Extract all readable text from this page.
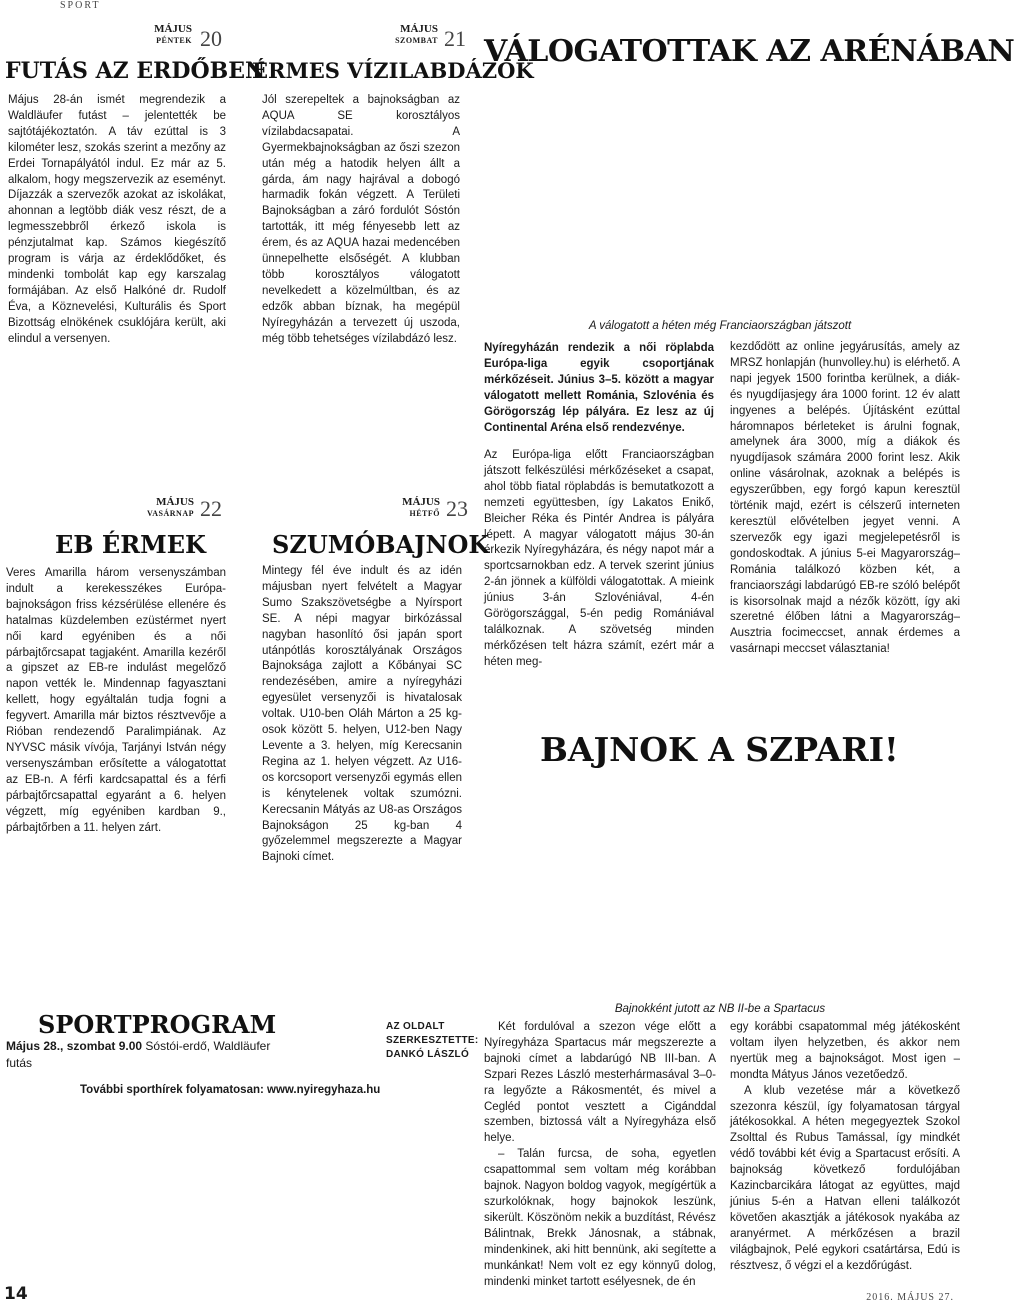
SPORT
MÁJUS
PÉNTEK 20
FUTÁS AZ ERDŐBEN
Május 28-án ismét megrendezik a Waldläufer futást – jelentették be sajtótájékoztatón. A táv ezúttal is 3 kilométer lesz, szokás szerint a mezőny az Erdei Tornapályától indul. Ez már az 5. alkalom, hogy megszervezik az eseményt. Díjazzák a szervezők azokat az iskolákat, ahonnan a legtöbb diák vesz részt, de a legmesszebbről érkező iskola is pénzjutalmat kap. Számos kiegészítő program is várja az érdeklődőket, és mindenki tombolát kap egy karszalag formájában. Az első Halkóné dr. Rudolf Éva, a Köznevelési, Kulturális és Sport Bizottság elnökének csuklójára került, aki elindul a versenyen.
MÁJUS
SZOMBAT 21
ÉRMES VÍZILABDÁZÓK
Jól szerepeltek a bajnokságban az AQUA SE korosztályos vízilabdacsapatai. A Gyermekbajnokságban az őszi szezon után még a hatodik helyen állt a gárda, ám nagy hajrával a dobogó harmadik fokán végzett. A Területi Bajnokságban a záró fordulót Sóstón tartották, itt még fényesebb lett az érem, és az AQUA hazai medencében ünnepelhette elsőségét. A klubban több korosztályos válogatott nevelkedett a közelmúltban, és az edzők abban bíznak, ha megépül Nyíregyházán a tervezett új uszoda, még több tehetséges vízilabdázó lesz.
VÁLOGATOTTAK AZ ARÉNÁBAN
A válogatott a héten még Franciaországban játszott
Nyíregyházán rendezik a női röplabda Európa-liga egyik csoportjának mérkőzéseit. Június 3–5. között a magyar válogatott mellett Románia, Szlovénia és Görögország lép pályára. Ez lesz az új Continental Aréna első rendezvénye.
Az Európa-liga előtt Franciaországban játszott felkészülési mérkőzéseket a csapat, ahol több fiatal röplabdás is bemutatkozott a nemzeti együttesben, így Lakatos Enikő, Bleicher Réka és Pintér Andrea is pályára lépett. A magyar válogatott május 30-án érkezik Nyíregyházára, és négy napot már a sportcsarnokban edz. A tervek szerint június 2-án jönnek a külföldi válogatottak. A mieink június 3-án Szlovéniával, 4-én Görögországgal, 5-én pedig Romániával találkoznak. A szövetség minden mérkőzésen telt házra számít, ezért már a héten meg-
kezdődött az online jegyárusítás, amely az MRSZ honlapján (hunvolley.hu) is elérhető. A napi jegyek 1500 forintba kerülnek, a diák- és nyugdíjasjegy ára 1000 forint. 12 év alatt ingyenes a belépés. Újításként ezúttal háromnapos bérleteket is árulni fognak, amelynek ára 3000, míg a diákok és nyugdíjasok számára 2000 forint lesz. Akik online vásárolnak, azoknak a belépés is egyszerűbben, egy forgó kapun keresztül történik majd, ezért is célszerű interneten keresztül elővételben jegyet venni. A szervezők egy igazi megjelepetésről is gondoskodtak. A június 5-ei Magyarország–Románia találkozó közben két, a franciaországi labdarúgó EB-re szóló belépőt is kisorsolnak majd a nézők között, így aki szeretné élőben látni a Magyarország–Ausztria focimeccset, annak érdemes a vasárnapi meccset választania!
BAJNOK A SZPARI!
MÁJUS
VASÁRNAP 22
EB ÉRMEK
Veres Amarilla három versenyszámban indult a kerekesszékes Európa-bajnokságon friss kézsérülése ellenére és hatalmas küzdelemben ezüstérmet nyert női kard egyéniben és a női párbajtőrcsapat tagjaként. Amarilla kezéről a gipszet az EB-re indulást megelőző napon vették le. Mindennap fagyasztani kellett, hogy egyáltalán tudja fogni a fegyvert. Amarilla már biztos résztvevője a Rióban rendezendő Paralimpiának. Az NYVSC másik vívója, Tarjányi István négy versenyszámban erősítette a válogatottat az EB-n. A férfi kardcsapattal és a férfi párbajtőrcsapattal egyaránt a 6. helyen végzett, míg egyéniben kardban 9., párbajtőrben a 11. helyen zárt.
MÁJUS
HÉTFŐ 23
SZUMÓBAJNOK
Mintegy fél éve indult és az idén májusban nyert felvételt a Magyar Sumo Szakszövetségbe a Nyírsport SE. A népi magyar birkózással nagyban hasonlító ősi japán sport utánpótlás korosztályának Országos Bajnoksága zajlott a Kőbányai SC rendezésében, amire a nyíregyházi egyesület versenyzői is hivatalosak voltak. U10-ben Oláh Márton a 25 kg-osok között 5. helyen, U12-ben Nagy Levente a 3. helyen, míg Kerecsanin Regina az 1. helyen végzett. Az U16-os korcsoport versenyzői egymás ellen is kénytelenek voltak szumózni. Kerecsanin Mátyás az U8-as Országos Bajnokságon 25 kg-ban 4 győzelemmel megszerezte a Magyar Bajnoki címet.
SPORTPROGRAM
Május 28., szombat 9.00 Sóstói-erdő, Waldläufer futás
További sporthírek folyamatosan: www.nyiregyhaza.hu
AZ OLDALT
SZERKESZTETTE:
DANKÓ LÁSZLÓ
Bajnokként jutott az NB II-be a Spartacus

Két fordulóval a szezon vége előtt a Nyíregyháza Spartacus már megszerezte a bajnoki címet a labdarúgó NB III-ban. A Szpari Rezes László mesterhármasával 3–0-ra legyőzte a Rákosmentét, és mivel a Cegléd pontot vesztett a Cigánddal szemben, biztossá vált a Nyíregyháza első helye.

– Talán furcsa, de soha, egyetlen csapattommal sem voltam még korábban bajnok. Nagyon boldog vagyok, megígértük a szurkolóknak, hogy bajnokok leszünk, sikerült. Köszönöm nekik a buzdítást, Révész Bálintnak, Brekk Jánosnak, a stábnak, mindenkinek, aki hitt bennünk, aki segítette a munkánkat! Nem volt ez egy könnyű dolog, mindenki minket tartott esélyesnek, de én

egy korábbi csapatommal még játékosként voltam ilyen helyzetben, és akkor nem nyertük meg a bajnokságot. Most igen – mondta Mátyus János vezetőedző.

A klub vezetése már a következő szezonra készül, így folyamatosan tárgyal játékosokkal. A héten megegyeztek Szokol Zsolttal és Rubus Tamással, így mindkét védő további két évig a Spartacust erősíti. A bajnokság következő fordulójában Kazincbarcikára látogat az együttes, majd június 5-én a Hatvan elleni találkozót követően akasztják a játékosok nyakába az aranyérmet. A mérkőzésen a brazil világbajnok, Pelé egykori csatártársa, Edú is résztvesz, ő végzi el a kezdőrúgást.

14	2016. MÁJUS 27.
